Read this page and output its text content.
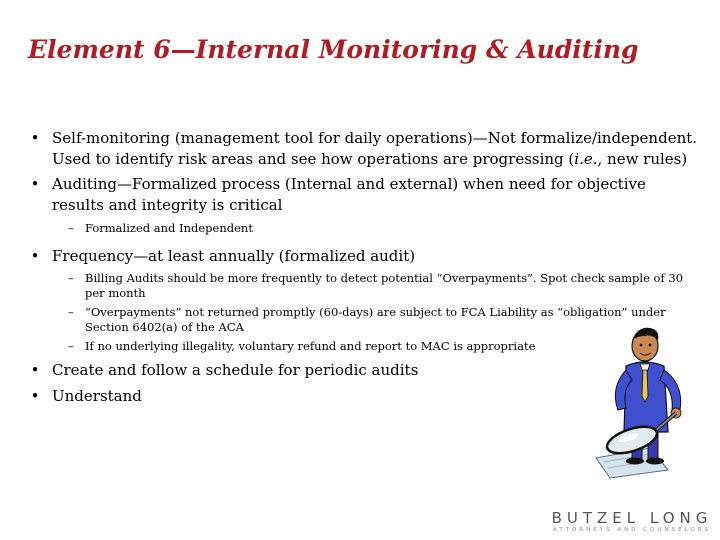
Element 6—Internal Monitoring & Auditing
• Self-monitoring (management tool for daily operations)—Not formalize/independent. Used to identify risk areas and see how operations are progressing (i.e., new rules)
• Auditing—Formalized process (Internal and external) when need for objective results and integrity is critical
– Formalized and Independent
• Frequency—at least annually (formalized audit)
– Billing Audits should be more frequently to detect potential “Overpayments”. Spot check sample of 30 per month
– “Overpayments” not returned promptly (60-days) are subject to FCA Liability as “obligation” under Section 6402(a) of the ACA
– If no underlying illegality, voluntary refund and report to MAC is appropriate
• Create and follow a schedule for periodic audits
• Understand
BUTZEL LONG
ATTORNEYS AND COUNSELORS
